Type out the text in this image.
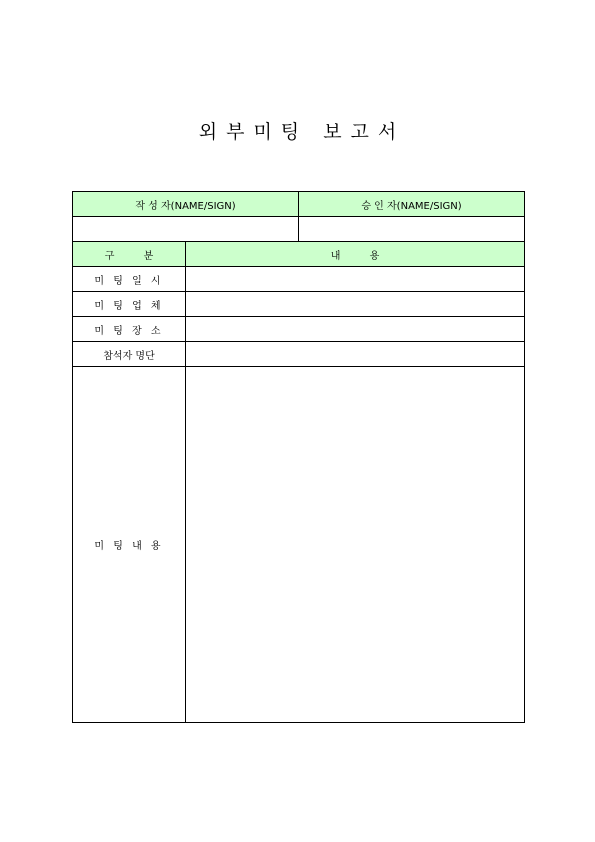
외부미팅 보고서
작 성 자(NAME/SIGN)	승 인 자(NAME/SIGN)

구 분	내 용
미 팅 일 시	
미 팅 업 체	
미 팅 장 소	
참석자 명단	
미 팅 내 용	
